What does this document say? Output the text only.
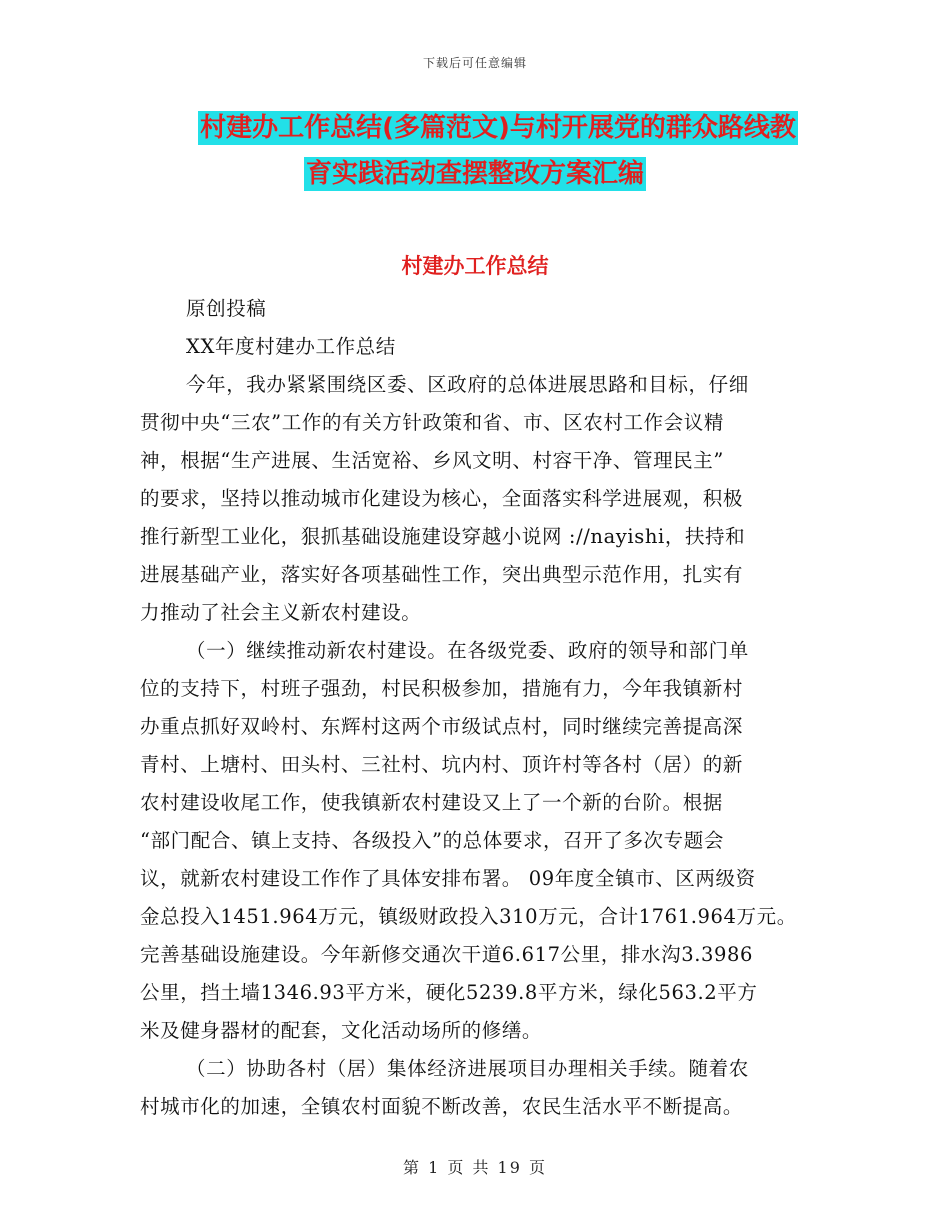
下载后可任意编辑
村建办工作总结(多篇范文)与村开展党的群众路线教
育实践活动查摆整改方案汇编
村建办工作总结
原创投稿
XX年度村建办工作总结
今年，我办紧紧围绕区委、区政府的总体进展思路和目标，仔细
贯彻中央“三农”工作的有关方针政策和省、市、区农村工作会议精
神，根据“生产进展、生活宽裕、乡风文明、村容干净、管理民主”
的要求，坚持以推动城市化建设为核心，全面落实科学进展观，积极
推行新型工业化，狠抓基础设施建设穿越小说网 ://nayishi，扶持和
进展基础产业，落实好各项基础性工作，突出典型示范作用，扎实有
力推动了社会主义新农村建设。
（一）继续推动新农村建设。在各级党委、政府的领导和部门单
位的支持下，村班子强劲，村民积极参加，措施有力，今年我镇新村
办重点抓好双岭村、东辉村这两个市级试点村，同时继续完善提高深
青村、上塘村、田头村、三社村、坑内村、顶许村等各村（居）的新
农村建设收尾工作，使我镇新农村建设又上了一个新的台阶。根据
“部门配合、镇上支持、各级投入”的总体要求，召开了多次专题会
议，就新农村建设工作作了具体安排布署。 09年度全镇市、区两级资
金总投入1451.964万元，镇级财政投入310万元，合计1761.964万元。
完善基础设施建设。今年新修交通次干道6.617公里，排水沟3.3986
公里，挡土墙1346.93平方米，硬化5239.8平方米，绿化563.2平方
米及健身器材的配套，文化活动场所的修缮。
（二）协助各村（居）集体经济进展项目办理相关手续。随着农
村城市化的加速，全镇农村面貌不断改善，农民生活水平不断提高。
第 1 页 共 19 页
